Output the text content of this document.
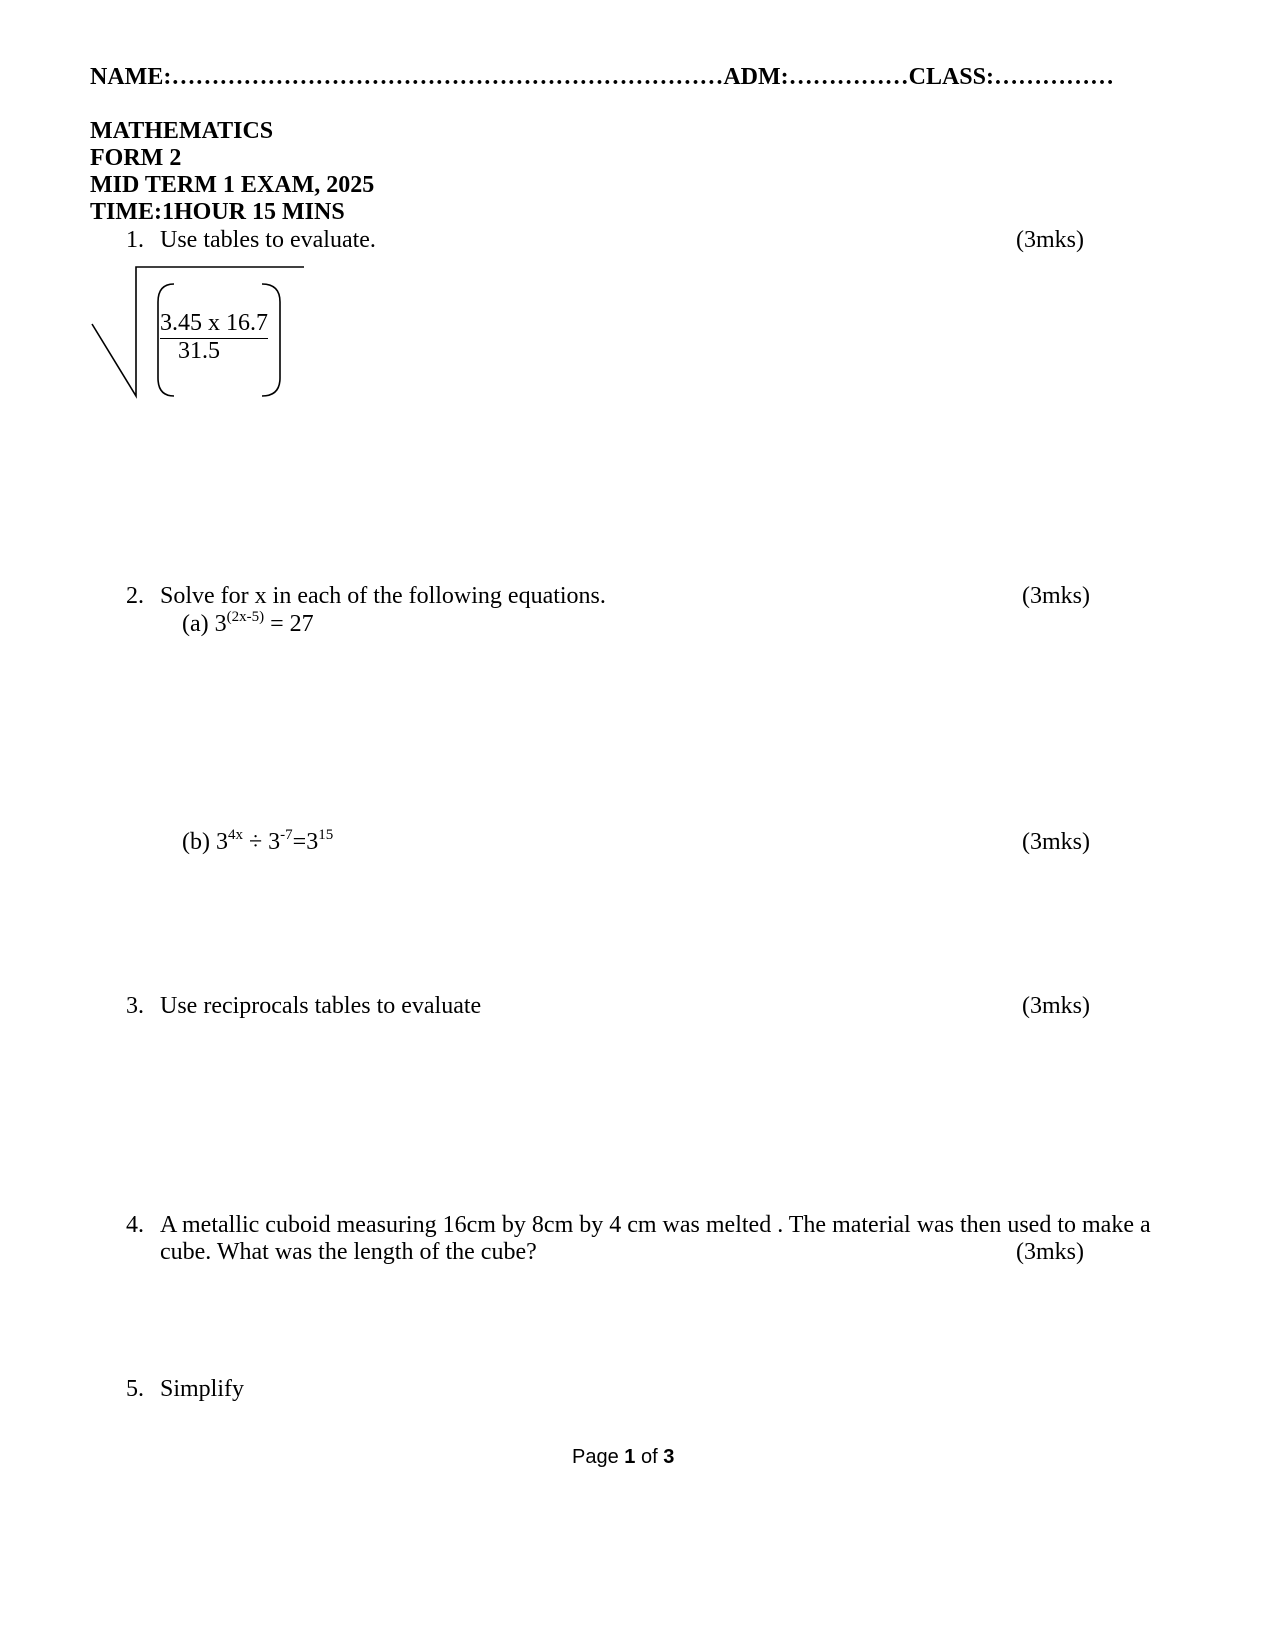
NAME:……………………………………………………………ADM:……………CLASS:……………
MATHEMATICS
FORM 2
MID TERM 1 EXAM, 2025
TIME:1HOUR 15 MINS
1. Use tables to evaluate.	(3mks)
3.45 x 16.7
31.5
2. Solve for x in each of the following equations.	(3mks)
(a) $3^{(2x-5)} = 27$
(b) $3^{4x} \div 3^{-7}=3^{15}$	(3mks)
3. Use reciprocals tables to evaluate	(3mks)
4. A metallic cuboid measuring 16cm by 8cm by 4 cm was melted . The material was then used to make a
cube. What was the length of the cube?	(3mks)
5. Simplify
Page 1 of 3
